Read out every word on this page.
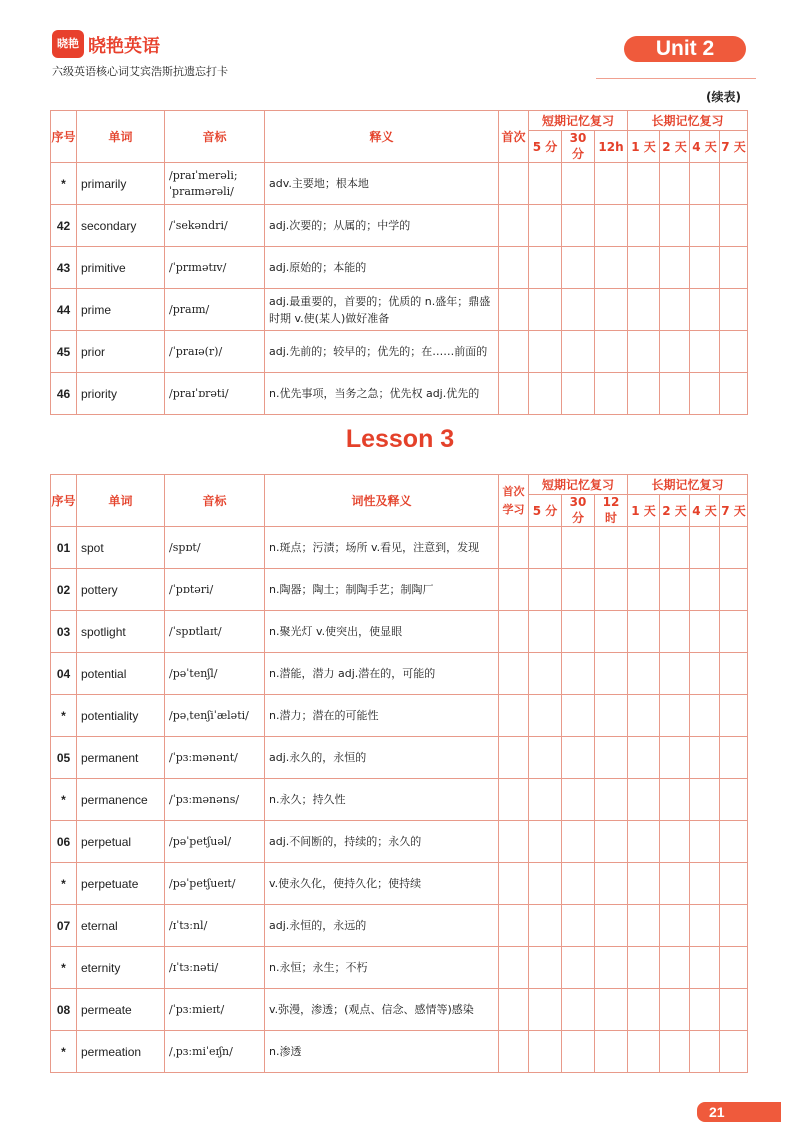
晓艳 晓艳英语
六级英语核心词艾宾浩斯抗遗忘打卡
Unit 2
(续表)
序号	单词	音标	释义	首次	短期记忆复习			长期记忆复习			
					5 分	30 分	12h	1 天	2 天	4 天	7 天
*	primarily	/praɪˈmerəli; ˈpraɪmərəli/	adv.主要地；根本地								
42	secondary	/ˈsekəndri/	adj.次要的；从属的；中学的								
43	primitive	/ˈprɪmətɪv/	adj.原始的；本能的								
44	prime	/praɪm/	adj.最重要的，首要的；优质的 n.盛年；鼎盛时期 v.使(某人)做好准备								
45	prior	/ˈpraɪə(r)/	adj.先前的；较早的；优先的；在……前面的								
46	priority	/praɪˈɒrəti/	n.优先事项，当务之急；优先权 adj.优先的								
Lesson 3
序号	单词	音标	词性及释义	首次学习	短期记忆复习			长期记忆复习			
					5 分	30 分	12 时	1 天	2 天	4 天	7 天
01	spot	/spɒt/	n.斑点；污渍；场所 v.看见，注意到，发现								
02	pottery	/ˈpɒtəri/	n.陶器；陶土；制陶手艺；制陶厂								
03	spotlight	/ˈspɒtlaɪt/	n.聚光灯 v.使突出，使显眼								
04	potential	/pəˈtenʃl/	n.潜能，潜力 adj.潜在的，可能的								
*	potentiality	/pəˌtenʃiˈæləti/	n.潜力；潜在的可能性								
05	permanent	/ˈpɜːmənənt/	adj.永久的，永恒的								
*	permanence	/ˈpɜːmənəns/	n.永久；持久性								
06	perpetual	/pəˈpetʃuəl/	adj.不间断的，持续的；永久的								
*	perpetuate	/pəˈpetʃueɪt/	v.使永久化，使持久化；使持续								
07	eternal	/ɪˈtɜːnl/	adj.永恒的，永远的								
*	eternity	/ɪˈtɜːnəti/	n.永恒；永生；不朽								
08	permeate	/ˈpɜːmieɪt/	v.弥漫，渗透；(观点、信念、感情等)感染								
*	permeation	/ˌpɜːmiˈeɪʃn/	n.渗透								
21
